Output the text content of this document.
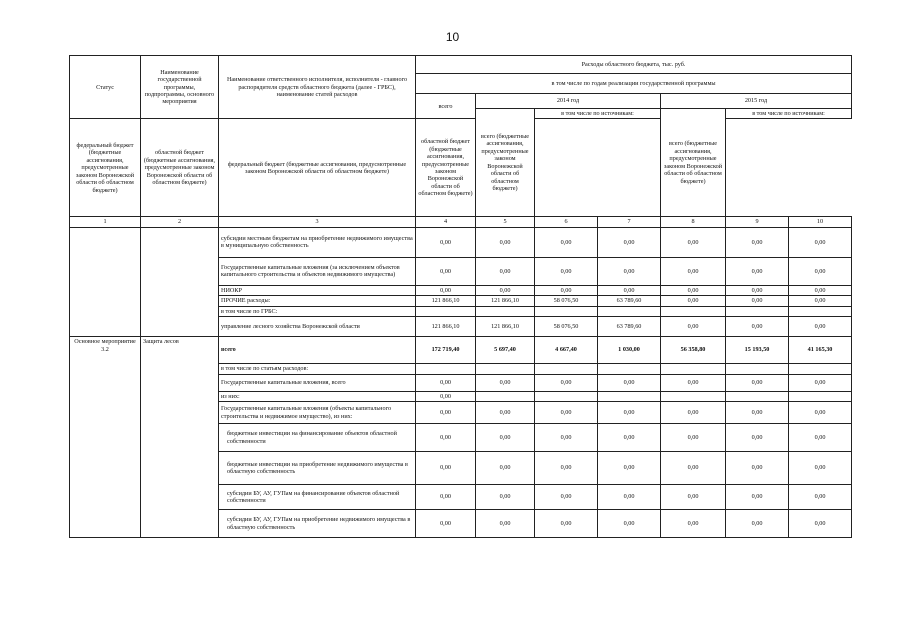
10
Статус	Наименование государственной программы, подпрограммы, основного мероприятия	Наименование ответственного исполнителя, исполнителя - главного распорядителя средств областного бюджета (далее - ГРБС), наименование статей расходов	Расходы областного бюджета, тыс. руб.						
			в том числе по годам реализации государственной программы						
			всего	2014 год			2015 год		
				всего (бюджетные ассигнования, предусмотренные законом Воронежской области об областном бюджете)	в том числе по источникам:		всего (бюджетные ассигнования, предусмотренные законом Воронежской области об областном бюджете)	в том числе по источникам:	
федеральный бюджет (бюджетные ассигнования, предусмотренные законом Воронежской области об областном бюджете)	областной бюджет (бюджетные ассигнования, предусмотренные законом Воронежской области об областном бюджете)	федеральный бюджет (бюджетные ассигнования, предусмотренные законом Воронежской области об областном бюджете)	областной бюджет (бюджетные ассигнования, предусмотренные законом Воронежской области об областном бюджете)						
1	2	3	4	5	6	7	8	9	10
		субсидии местным бюджетам на приобретение недвижимого имущества в муниципальную собственность	0,00	0,00	0,00	0,00	0,00	0,00	0,00
		Государственные капитальные вложения (за исключением объектов капитального строительства и объектов недвижимого имущества)	0,00	0,00	0,00	0,00	0,00	0,00	0,00
		НИОКР	0,00	0,00	0,00	0,00	0,00	0,00	0,00
		ПРОЧИЕ расходы:	121 866,10	121 866,10	58 076,50	63 789,60	0,00	0,00	0,00
		в том числе по ГРБС:							
		управление лесного хозяйства Воронежской области	121 866,10	121 866,10	58 076,50	63 789,60	0,00	0,00	0,00
Основное мероприятие 3.2	Защита лесов	всего	172 719,40	5 697,40	4 667,40	1 030,00	56 358,80	15 193,50	41 165,30
		в том числе по статьям расходов:							
		Государственные капитальные вложения, всего	0,00	0,00	0,00	0,00	0,00	0,00	0,00
		из них:	0,00						
		Государственные капитальные вложения (объекты капитального строительства и недвижимое имущество), из них:	0,00	0,00	0,00	0,00	0,00	0,00	0,00
		бюджетные инвестиции на финансирование объектов областной собственности	0,00	0,00	0,00	0,00	0,00	0,00	0,00
		бюджетные инвестиции на приобретение недвижимого имущества в областную собственность	0,00	0,00	0,00	0,00	0,00	0,00	0,00
		субсидии БУ, АУ, ГУПам на финансирование объектов областной собственности	0,00	0,00	0,00	0,00	0,00	0,00	0,00
		субсидии БУ, АУ, ГУПам на приобретение недвижимого имущества в областную собственность	0,00	0,00	0,00	0,00	0,00	0,00	0,00
